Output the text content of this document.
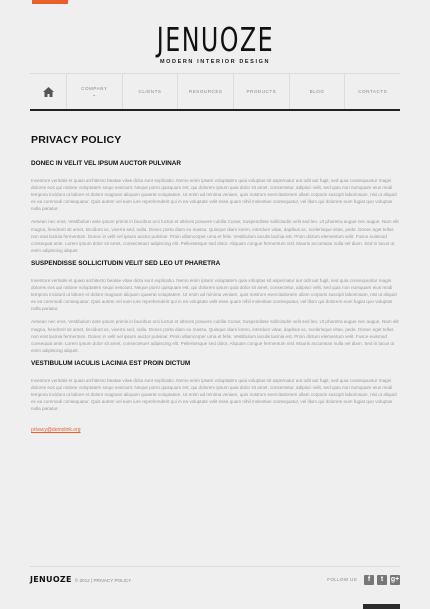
JENUOZE
MODERN INTERIOR DESIGN
COMPANY
⌄	CLIENTS	RESOURCES	PRODUCTS	BLOG	CONTACTS
PRIVACY POLICY
DONEC IN VELIT VEL IPSUM AUCTOR PULVINAR

Inventore veritatis et quasi architecto beatae vitae dicta sunt explicabo. Nemo enim ipsam voluptatem quia voluptas sit aspernatur aut odit aut fugit, sed quia consequuntur magni dolores eos qui ratione voluptatem sequi nesciunt. Neque porro quisquam est, qui dolorem ipsum quia dolor sit amet, consectetur, adipisci velit, sed quia non numquam eius modi tempora incidunt ut labore et dolore magnam aliquam quaerat voluptatem. Ut enim ad minima veniam, quis nostrum exercitationem ullam corporis suscipit laboriosam, nisi ut aliquid ex ea commodi consequatur. Quis autem vel eum iure reprehenderit qui in ea voluptate velit esse quam nihil molestiae consequatur, vel illum qui dolorem eum fugiat quo voluptas nulla pariatur.

Aenean nec eros. Vestibulum ante ipsum primis in faucibus orci luctus et ultrices posuere cubilia Curae; Suspendisse sollicitudin velit sed leo. Ut pharetra augue nec augue. Nam elit magna, hendrerit sit amet, tincidunt ac, viverra sed, nulla. Donec porta diam eu massa. Quisque diam lorem, interdum vitae, dapibus ac, scelerisque vitae, pede. Donec eget tellus non erat lacinia fermentum. Donec in velit vel ipsum auctor pulvinar. Proin ullamcorper urna et felis. Vestibulum iaculis lacinia est. Proin dictum elementum velit. Fusce euismod consequat ante. Lorem ipsum dolor sit amet, consectetuer adipiscing elit. Pellentesque sed dolor. Aliquam congue fermentum nisl. Mauris accumsan nulla vel diam. Sed in lacus ut enim adipiscing aliquet.

SUSPENDISSE SOLLICITUDIN VELIT SED LEO UT PHARETRA

Inventore veritatis et quasi architecto beatae vitae dicta sunt explicabo. Nemo enim ipsam voluptatem quia voluptas sit aspernatur aut odit aut fugit, sed quia consequuntur magni dolores eos qui ratione voluptatem sequi nesciunt. Neque porro quisquam est, qui dolorem ipsum quia dolor sit amet, consectetur, adipisci velit, sed quia non numquam eius modi tempora incidunt ut labore et dolore magnam aliquam quaerat voluptatem. Ut enim ad minima veniam, quis nostrum exercitationem ullam corporis suscipit laboriosam, nisi ut aliquid ex ea commodi consequatur. Quis autem vel eum iure reprehenderit qui in ea voluptate velit esse quam nihil molestiae consequatur, vel illum qui dolorem eum fugiat quo voluptas nulla pariatur.

Aenean nec eros. Vestibulum ante ipsum primis in faucibus orci luctus et ultrices posuere cubilia Curae; Suspendisse sollicitudin velit sed leo. Ut pharetra augue nec augue. Nam elit magna, hendrerit sit amet, tincidunt ac, viverra sed, nulla. Donec porta diam eu massa. Quisque diam lorem, interdum vitae, dapibus ac, scelerisque vitae, pede. Donec eget tellus non erat lacinia fermentum. Donec in velit vel ipsum auctor pulvinar. Proin ullamcorper urna et felis. Vestibulum iaculis lacinia est. Proin dictum elementum velit. Fusce euismod consequat ante. Lorem ipsum dolor sit amet, consectetuer adipiscing elit. Pellentesque sed dolor. Aliquam congue fermentum nisl. Mauris accumsan nulla vel diam. Sed in lacus ut enim adipiscing aliquet.

VESTIBULUM IACULIS LACINIA EST PROIN DICTUM

Inventore veritatis et quasi architecto beatae vitae dicta sunt explicabo. Nemo enim ipsam voluptatem quia voluptas sit aspernatur aut odit aut fugit, sed quia consequuntur magni dolores eos qui ratione voluptatem sequi nesciunt. Neque porro quisquam est, qui dolorem ipsum quia dolor sit amet, consectetur, adipisci velit, sed quia non numquam eius modi tempora incidunt ut labore et dolore magnam aliquam quaerat voluptatem. Ut enim ad minima veniam, quis nostrum exercitationem ullam corporis suscipit laboriosam, nisi ut aliquid ex ea commodi consequatur. Quis autem vel eum iure reprehenderit qui in ea voluptate velit esse quam nihil molestiae consequatur, vel illum qui dolorem eum fugiat quo voluptas nulla pariatur.

privacy@demolink.org
JENUOZE © 2012 | PRIVACY POLICY	FOLLOW US	f	t	g+
